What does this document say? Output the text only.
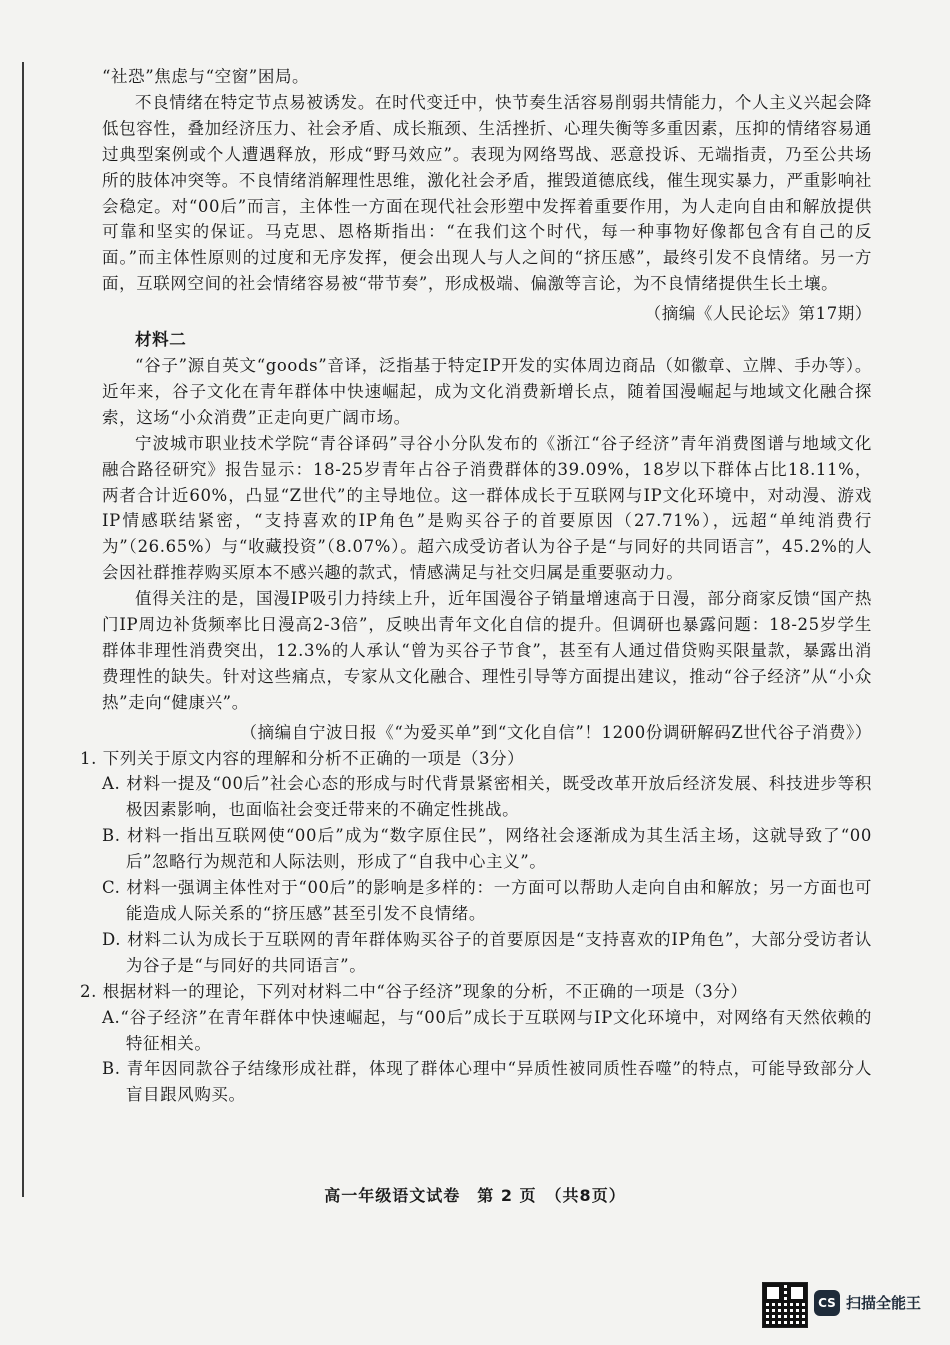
“社恐”焦虑与“空窗”困局。

不良情绪在特定节点易被诱发。在时代变迁中，快节奏生活容易削弱共情能力，个人主义兴起会降低包容性，叠加经济压力、社会矛盾、成长瓶颈、生活挫折、心理失衡等多重因素，压抑的情绪容易通过典型案例或个人遭遇释放，形成“野马效应”。表现为网络骂战、恶意投诉、无端指责，乃至公共场所的肢体冲突等。不良情绪消解理性思维，激化社会矛盾，摧毁道德底线，催生现实暴力，严重影响社会稳定。对“00后”而言，主体性一方面在现代社会形塑中发挥着重要作用，为人走向自由和解放提供可靠和坚实的保证。马克思、恩格斯指出：“在我们这个时代，每一种事物好像都包含有自己的反面。”而主体性原则的过度和无序发挥，便会出现人与人之间的“挤压感”，最终引发不良情绪。另一方面，互联网空间的社会情绪容易被“带节奏”，形成极端、偏激等言论，为不良情绪提供生长土壤。

（摘编《人民论坛》第17期）

材料二

“谷子”源自英文“goods”音译，泛指基于特定IP开发的实体周边商品（如徽章、立牌、手办等）。近年来，谷子文化在青年群体中快速崛起，成为文化消费新增长点，随着国漫崛起与地域文化融合探索，这场“小众消费”正走向更广阔市场。

宁波城市职业技术学院“青谷译码”寻谷小分队发布的《浙江“谷子经济”青年消费图谱与地域文化融合路径研究》报告显示：18-25岁青年占谷子消费群体的39.09%，18岁以下群体占比18.11%，两者合计近60%，凸显“Z世代”的主导地位。这一群体成长于互联网与IP文化环境中，对动漫、游戏IP情感联结紧密，“支持喜欢的IP角色”是购买谷子的首要原因（27.71%），远超“单纯消费行为”（26.65%）与“收藏投资”（8.07%）。超六成受访者认为谷子是“与同好的共同语言”，45.2%的人会因社群推荐购买原本不感兴趣的款式，情感满足与社交归属是重要驱动力。

值得关注的是，国漫IP吸引力持续上升，近年国漫谷子销量增速高于日漫，部分商家反馈“国产热门IP周边补货频率比日漫高2-3倍”，反映出青年文化自信的提升。但调研也暴露问题：18-25岁学生群体非理性消费突出，12.3%的人承认“曾为买谷子节食”，甚至有人通过借贷购买限量款，暴露出消费理性的缺失。针对这些痛点，专家从文化融合、理性引导等方面提出建议，推动“谷子经济”从“小众热”走向“健康兴”。

（摘编自宁波日报《“为爱买单”到“文化自信”！1200份调研解码Z世代谷子消费》）

1. 下列关于原文内容的理解和分析不正确的一项是（3分）

A. 材料一提及“00后”社会心态的形成与时代背景紧密相关，既受改革开放后经济发展、科技进步等积极因素影响，也面临社会变迁带来的不确定性挑战。

B. 材料一指出互联网使“00后”成为“数字原住民”，网络社会逐渐成为其生活主场，这就导致了“00后”忽略行为规范和人际法则，形成了“自我中心主义”。

C. 材料一强调主体性对于“00后”的影响是多样的：一方面可以帮助人走向自由和解放；另一方面也可能造成人际关系的“挤压感”甚至引发不良情绪。

D. 材料二认为成长于互联网的青年群体购买谷子的首要原因是“支持喜欢的IP角色”，大部分受访者认为谷子是“与同好的共同语言”。

2. 根据材料一的理论，下列对材料二中“谷子经济”现象的分析，不正确的一项是（3分）

A.“谷子经济”在青年群体中快速崛起，与“00后”成长于互联网与IP文化环境中，对网络有天然依赖的特征相关。

B. 青年因同款谷子结缘形成社群，体现了群体心理中“异质性被同质性吞噬”的特点，可能导致部分人盲目跟风购买。

高一年级语文试卷　第 2 页　（共8页）
CS 扫描全能王
